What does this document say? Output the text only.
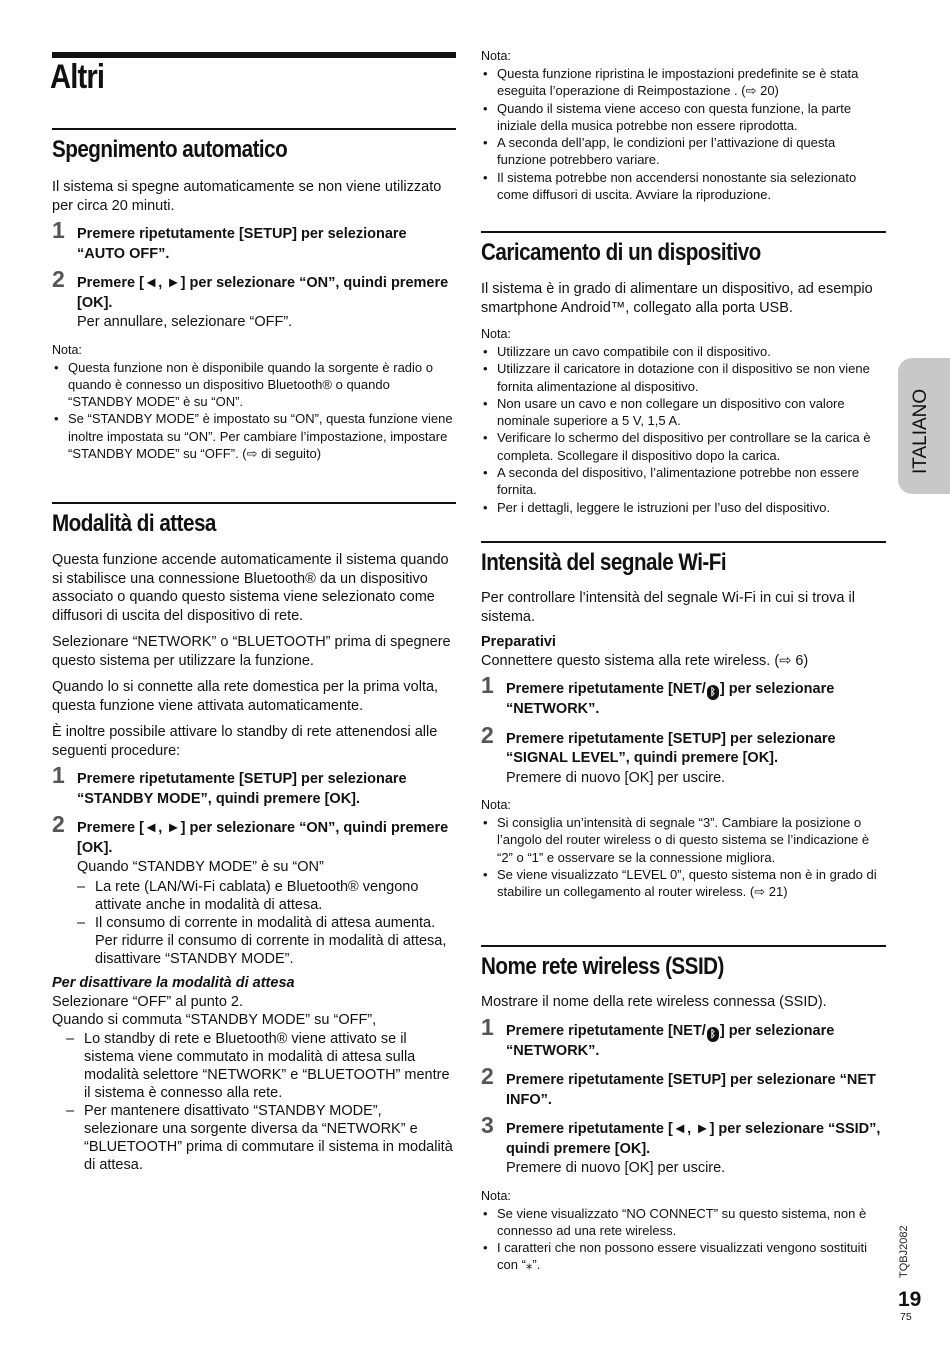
Altri
Spegnimento automatico

Il sistema si spegne automaticamente se non viene utilizzato per circa 20 minuti.

1 Premere ripetutamente [SETUP] per selezionare “AUTO OFF”.
2 Premere [◄, ►] per selezionare “ON”, quindi premere [OK].
Per annullare, selezionare “OFF”.
Nota:
• Questa funzione non è disponibile quando la sorgente è radio o quando è connesso un dispositivo Bluetooth® o quando “STANDBY MODE” è su “ON”.
• Se “STANDBY MODE” è impostato su “ON”, questa funzione viene inoltre impostata su “ON”. Per cambiare l’impostazione, impostare “STANDBY MODE” su “OFF”. (⇨ di seguito)
Modalità di attesa

Questa funzione accende automaticamente il sistema quando si stabilisce una connessione Bluetooth® da un dispositivo associato o quando questo sistema viene selezionato come diffusori di uscita del dispositivo di rete.

Selezionare “NETWORK” o “BLUETOOTH” prima di spegnere questo sistema per utilizzare la funzione.

Quando lo si connette alla rete domestica per la prima volta, questa funzione viene attivata automaticamente.

È inoltre possibile attivare lo standby di rete attenendosi alle seguenti procedure:

1 Premere ripetutamente [SETUP] per selezionare “STANDBY MODE”, quindi premere [OK].
2 Premere [◄, ►] per selezionare “ON”, quindi premere [OK].
Quando “STANDBY MODE” è su “ON”
– La rete (LAN/Wi-Fi cablata) e Bluetooth® vengono attivate anche in modalità di attesa.
– Il consumo di corrente in modalità di attesa aumenta. Per ridurre il consumo di corrente in modalità di attesa, disattivare “STANDBY MODE”.
Per disattivare la modalità di attesa

Selezionare “OFF” al punto 2.

Quando si commuta “STANDBY MODE” su “OFF”,

– Lo standby di rete e Bluetooth® viene attivato se il sistema viene commutato in modalità di attesa sulla modalità selettore “NETWORK” e “BLUETOOTH” mentre il sistema è connesso alla rete.
– Per mantenere disattivato “STANDBY MODE”, selezionare una sorgente diversa da “NETWORK” e “BLUETOOTH” prima di commutare il sistema in modalità di attesa.
Nota:
• Questa funzione ripristina le impostazioni predefinite se è stata eseguita l’operazione di Reimpostazione . (⇨ 20)
• Quando il sistema viene acceso con questa funzione, la parte iniziale della musica potrebbe non essere riprodotta.
• A seconda dell’app, le condizioni per l’attivazione di questa funzione potrebbero variare.
• Il sistema potrebbe non accendersi nonostante sia selezionato come diffusori di uscita. Avviare la riproduzione.
Caricamento di un dispositivo

Il sistema è in grado di alimentare un dispositivo, ad esempio smartphone Android™, collegato alla porta USB.

Nota:
• Utilizzare un cavo compatibile con il dispositivo.
• Utilizzare il caricatore in dotazione con il dispositivo se non viene fornita alimentazione al dispositivo.
• Non usare un cavo e non collegare un dispositivo con valore nominale superiore a 5 V, 1,5 A.
• Verificare lo schermo del dispositivo per controllare se la carica è completa. Scollegare il dispositivo dopo la carica.
• A seconda del dispositivo, l’alimentazione potrebbe non essere fornita.
• Per i dettagli, leggere le istruzioni per l’uso del dispositivo.
Intensità del segnale Wi-Fi

Per controllare l’intensità del segnale Wi-Fi in cui si trova il sistema.

Preparativi

Connettere questo sistema alla rete wireless. (⇨ 6)

1 Premere ripetutamente [NET/ ᛒ ] per selezionare “NETWORK”.
2 Premere ripetutamente [SETUP] per selezionare “SIGNAL LEVEL”, quindi premere [OK].
Premere di nuovo [OK] per uscire.
Nota:
• Si consiglia un’intensità di segnale “3”. Cambiare la posizione o l’angolo del router wireless o di questo sistema se l’indicazione è “2” o “1” e osservare se la connessione migliora.
• Se viene visualizzato “LEVEL 0”, questo sistema non è in grado di stabilire un collegamento al router wireless. (⇨ 21)
Nome rete wireless (SSID)

Mostrare il nome della rete wireless connessa (SSID).

1 Premere ripetutamente [NET/ ᛒ ] per selezionare “NETWORK”.
2 Premere ripetutamente [SETUP] per selezionare “NET INFO”.
3 Premere ripetutamente [◄, ►] per selezionare “SSID”, quindi premere [OK].
Premere di nuovo [OK] per uscire.
Nota:
• Se viene visualizzato “NO CONNECT” su questo sistema, non è connesso ad una rete wireless.
• I caratteri che non possono essere visualizzati vengono sostituiti con “⁎”.
ITALIANO
TQBJ2082
19
75
